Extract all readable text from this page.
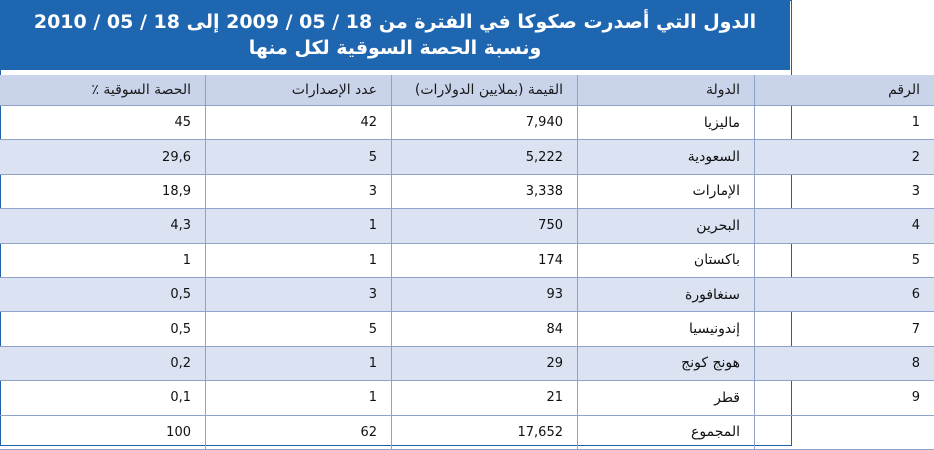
الدول التي أصدرت صكوكا في الفترة من 18 / 05 / 2009 إلى 18 / 05 / 2010
ونسبة الحصة السوقية لكل منها
الرقم	الدولة	القيمة (بملايين الدولارات)	عدد الإصدارات	الحصة السوقية ٪
1	ماليزيا	7,940	42	45
2	السعودية	5,222	5	29,6
3	الإمارات	3,338	3	18,9
4	البحرين	750	1	4,3
5	باكستان	174	1	1
6	سنغافورة	93	3	0,5
7	إندونيسيا	84	5	0,5
8	هونج كونج	29	1	0,2
9	قطر	21	1	0,1
	المجموع	17,652	62	100
